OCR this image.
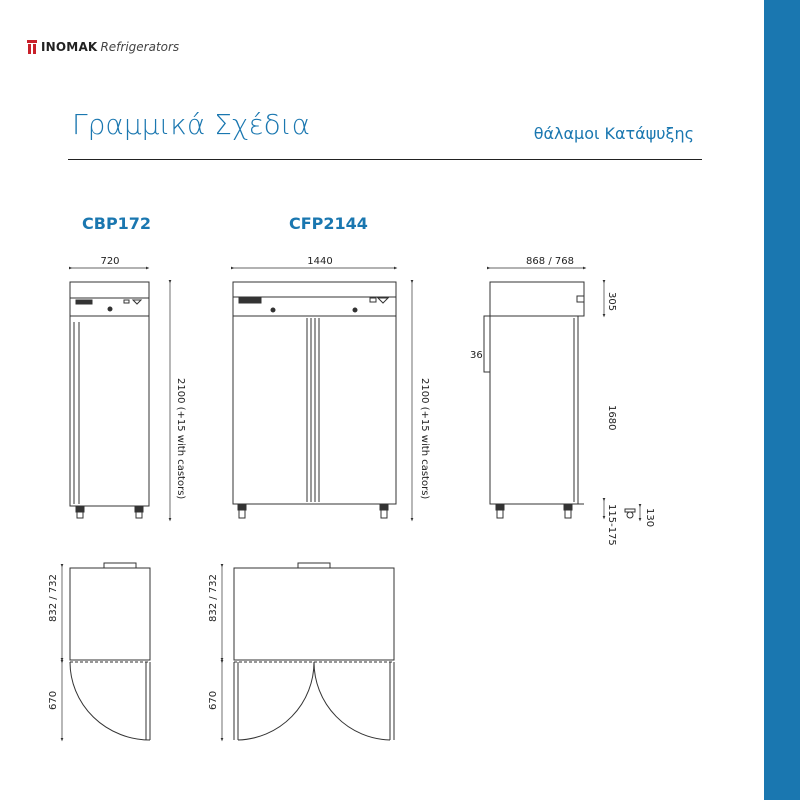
INOMAK Refrigerators
Γραμμικά Σχέδια	θάλαμοι Κατάψυξης
CBP172	CFP2144
720
2100 (+15 with castors)
1440
2100 (+15 with castors)
868 / 768
305
36
1680
130
115-175
832 / 732
670
832 / 732
670
